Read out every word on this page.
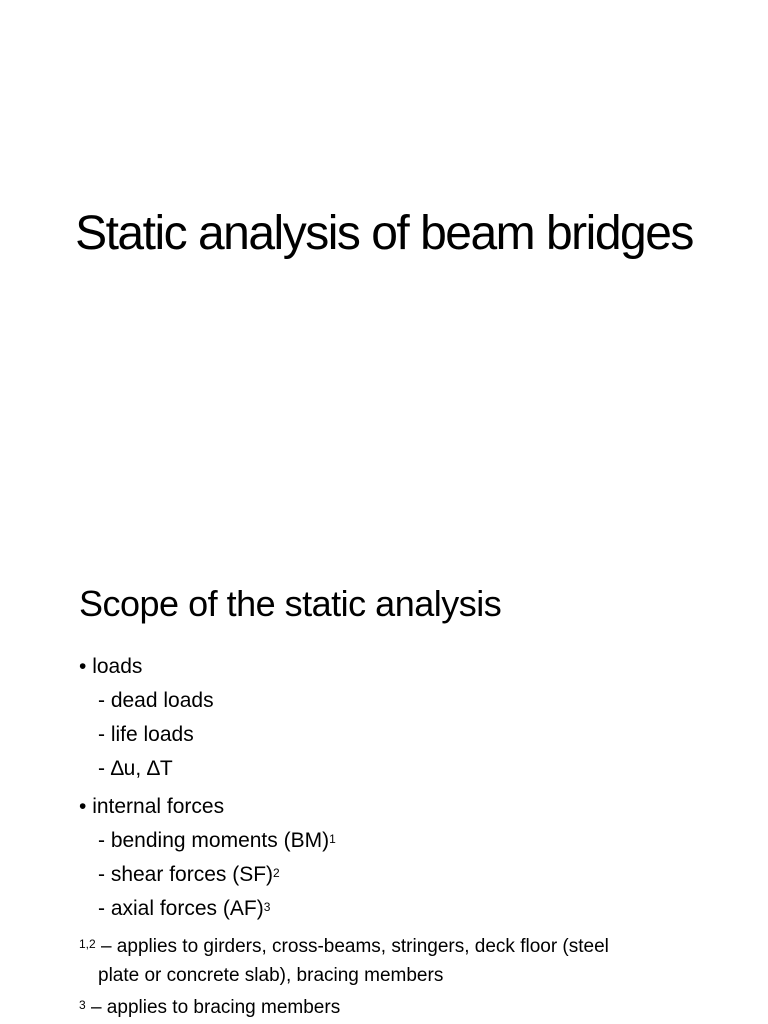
Static analysis of beam bridges
Scope of the static analysis
• loads
- dead loads
- life loads
- ∆u, ∆T
• internal forces
- bending moments (BM)$^1$
- shear forces (SF)$^2$
- axial forces (AF)$^3$
$^{1,2}$ – applies to girders, cross-beams, stringers, deck floor (steel
plate or concrete slab), bracing members
$^3$ – applies to bracing members
